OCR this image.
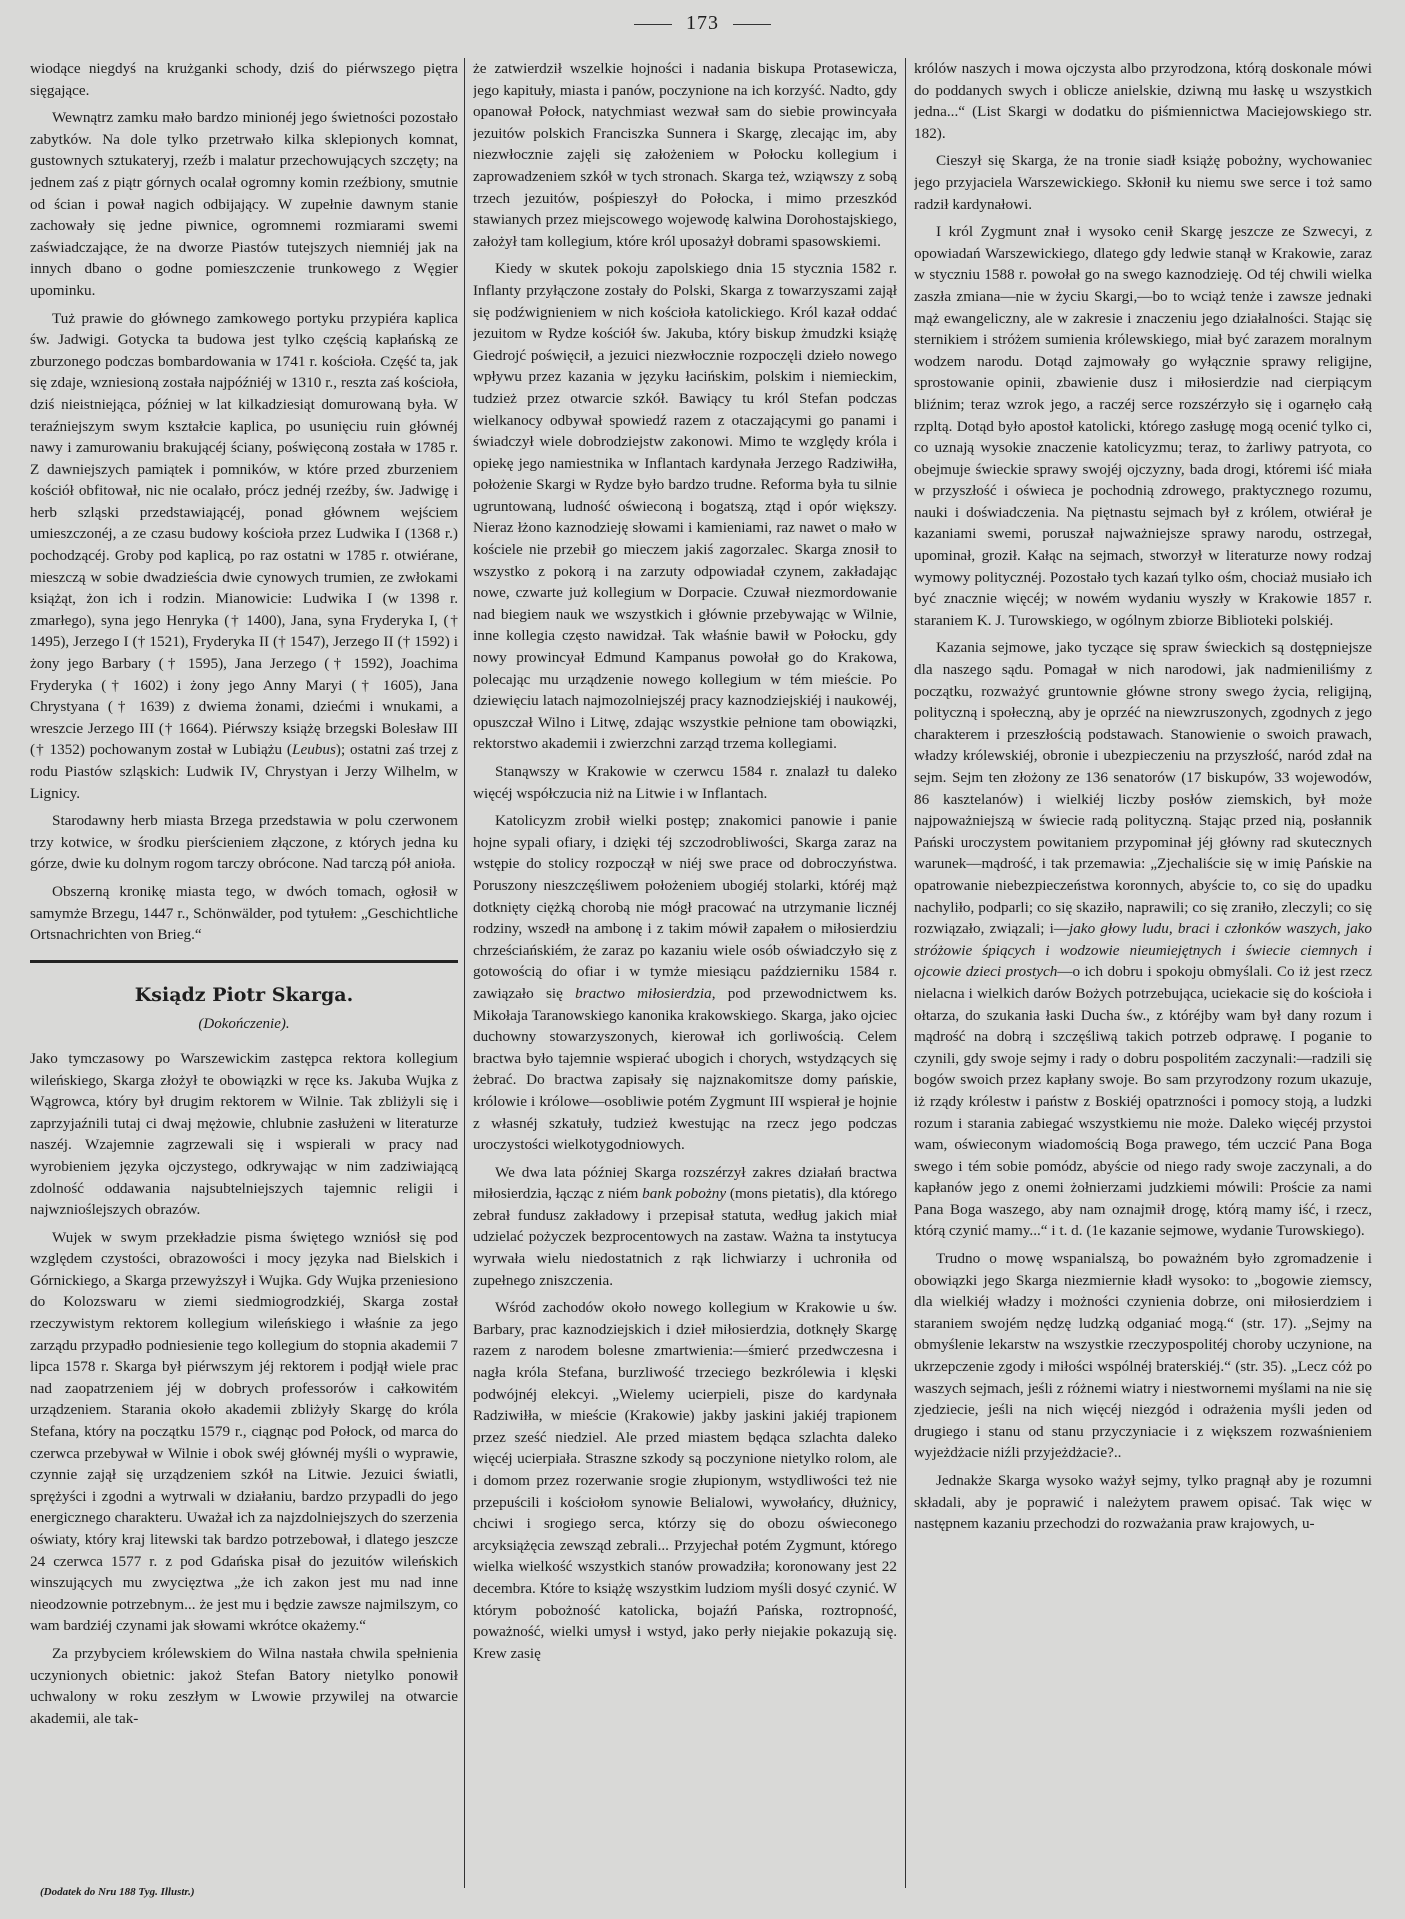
173

wiodące niegdyś na krużganki schody, dziś do piérwszego piętra sięgające.

Wewnątrz zamku mało bardzo minionéj jego świetności pozostało zabytków. Na dole tylko przetrwało kilka sklepionych komnat, gustownych sztukateryj, rzeźb i malatur przechowujących szczęty; na jednem zaś z piątr górnych ocalał ogromny komin rzeźbiony, smutnie od ścian i pował nagich odbijający. W zupełnie dawnym stanie zachowały się jedne piwnice, ogromnemi rozmiarami swemi zaświadczające, że na dworze Piastów tutejszych niemniéj jak na innych dbano o godne pomieszczenie trunkowego z Węgier upominku.

Tuż prawie do głównego zamkowego portyku przypiéra kaplica św. Jadwigi. Gotycka ta budowa jest tylko częścią kapłańską ze zburzonego podczas bombardowania w 1741 r. kościoła. Część ta, jak się zdaje, wzniesioną została najpóźniéj w 1310 r., reszta zaś kościoła, dziś nieistniejąca, później w lat kilkadziesiąt domurowaną była. W teraźniejszym swym kształcie kaplica, po usunięciu ruin głównéj nawy i zamurowaniu brakującéj ściany, poświęconą została w 1785 r. Z dawniejszych pamiątek i pomników, w które przed zburzeniem kościół obfitował, nic nie ocalało, prócz jednéj rzeźby, św. Jadwigę i herb szląski przedstawiającéj, ponad głównem wejściem umieszczonéj, a ze czasu budowy kościoła przez Ludwika I (1368 r.) pochodzącéj. Groby pod kaplicą, po raz ostatni w 1785 r. otwiérane, mieszczą w sobie dwadzieścia dwie cynowych trumien, ze zwłokami książąt, żon ich i rodzin. Mianowicie: Ludwika I (w 1398 r. zmarłego), syna jego Henryka († 1400), Jana, syna Fryderyka I, († 1495), Jerzego I († 1521), Fryderyka II († 1547), Jerzego II († 1592) i żony jego Barbary († 1595), Jana Jerzego († 1592), Joachima Fryderyka († 1602) i żony jego Anny Maryi († 1605), Jana Chrystyana († 1639) z dwiema żonami, dziećmi i wnukami, a wreszcie Jerzego III († 1664). Piérwszy książę brzegski Bolesław III († 1352) pochowanym został w Lubiążu (Leubus); ostatni zaś trzej z rodu Piastów szląskich: Ludwik IV, Chrystyan i Jerzy Wilhelm, w Lignicy.

Starodawny herb miasta Brzega przedstawia w polu czerwonem trzy kotwice, w środku pierścieniem złączone, z których jedna ku górze, dwie ku dolnym rogom tarczy obrócone. Nad tarczą pół anioła.

Obszerną kronikę miasta tego, w dwóch tomach, ogłosił w samymże Brzegu, 1447 r., Schönwälder, pod tytułem: „Geschichtliche Ortsnachrichten von Brieg.“

Ksiądz Piotr Skarga.
(Dokończenie).

Jako tymczasowy po Warszewickim zastępca rektora kollegium wileńskiego, Skarga złożył te obowiązki w ręce ks. Jakuba Wujka z Wągrowca, który był drugim rektorem w Wilnie. Tak zbliżyli się i zaprzyjaźnili tutaj ci dwaj mężowie, chlubnie zasłużeni w literaturze naszéj. Wzajemnie zagrzewali się i wspierali w pracy nad wyrobieniem języka ojczystego, odkrywając w nim zadziwiającą zdolność oddawania najsubtelniejszych tajemnic religii i najwznioślejszych obrazów.

Wujek w swym przekładzie pisma świętego wzniósł się pod względem czystości, obrazowości i mocy języka nad Bielskich i Górnickiego, a Skarga przewyższył i Wujka. Gdy Wujka przeniesiono do Kolozswaru w ziemi siedmiogrodzkiéj, Skarga został rzeczywistym rektorem kollegium wileńskiego i właśnie za jego zarządu przypadło podniesienie tego kollegium do stopnia akademii 7 lipca 1578 r. Skarga był piérwszym jéj rektorem i podjął wiele prac nad zaopatrzeniem jéj w dobrych professorów i całkowitém urządzeniem. Starania około akademii zbliżyły Skargę do króla Stefana, który na początku 1579 r., ciągnąc pod Połock, od marca do czerwca przebywał w Wilnie i obok swéj głównéj myśli o wyprawie, czynnie zajął się urządzeniem szkół na Litwie. Jezuici światli, sprężyści i zgodni a wytrwali w działaniu, bardzo przypadli do jego energicznego charakteru. Uważał ich za najzdolniejszych do szerzenia oświaty, który kraj litewski tak bardzo potrzebował, i dlatego jeszcze 24 czerwca 1577 r. z pod Gdańska pisał do jezuitów wileńskich winszujących mu zwycięztwa „że ich zakon jest mu nad inne nieodzownie potrzebnym... że jest mu i będzie zawsze najmilszym, co wam bardziéj czynami jak słowami wkrótce okażemy.“

Za przybyciem królewskiem do Wilna nastała chwila spełnienia uczynionych obietnic: jakoż Stefan Batory nietylko ponowił uchwalony w roku zeszłym w Lwowie przywilej na otwarcie akademii, ale tak-

że zatwierdził wszelkie hojności i nadania biskupa Protasewicza, jego kapituły, miasta i panów, poczynione na ich korzyść. Nadto, gdy opanował Połock, natychmiast wezwał sam do siebie prowincyała jezuitów polskich Franciszka Sunnera i Skargę, zlecając im, aby niezwłocznie zajęli się założeniem w Połocku kollegium i zaprowadzeniem szkół w tych stronach. Skarga też, wziąwszy z sobą trzech jezuitów, pośpieszył do Połocka, i mimo przeszkód stawianych przez miejscowego wojewodę kalwina Dorohostajskiego, założył tam kollegium, które król uposażył dobrami spasowskiemi.

Kiedy w skutek pokoju zapolskiego dnia 15 stycznia 1582 r. Inflanty przyłączone zostały do Polski, Skarga z towarzyszami zajął się podźwignieniem w nich kościoła katolickiego. Król kazał oddać jezuitom w Rydze kościół św. Jakuba, który biskup żmudzki książę Giedrojć poświęcił, a jezuici niezwłocznie rozpoczęli dzieło nowego wpływu przez kazania w języku łacińskim, polskim i niemieckim, tudzież przez otwarcie szkół. Bawiący tu król Stefan podczas wielkanocy odbywał spowiedź razem z otaczającymi go panami i świadczył wiele dobrodziejstw zakonowi. Mimo te względy króla i opiekę jego namiestnika w Inflantach kardynała Jerzego Radziwiłła, położenie Skargi w Rydze było bardzo trudne. Reforma była tu silnie ugruntowaną, ludność oświeconą i bogatszą, ztąd i opór większy. Nieraz łżono kaznodzieję słowami i kamieniami, raz nawet o mało w kościele nie przebił go mieczem jakiś zagorzalec. Skarga znosił to wszystko z pokorą i na zarzuty odpowiadał czynem, zakładając nowe, czwarte już kollegium w Dorpacie. Czuwał niezmordowanie nad biegiem nauk we wszystkich i głównie przebywając w Wilnie, inne kollegia często nawidzał. Tak właśnie bawił w Połocku, gdy nowy prowincyał Edmund Kampanus powołał go do Krakowa, polecając mu urządzenie nowego kollegium w tém mieście. Po dziewięciu latach najmozolniejszéj pracy kaznodziejskiéj i naukowéj, opuszczał Wilno i Litwę, zdając wszystkie pełnione tam obowiązki, rektorstwo akademii i zwierzchni zarząd trzema kollegiami.

Stanąwszy w Krakowie w czerwcu 1584 r. znalazł tu daleko więcéj współczucia niż na Litwie i w Inflantach.

Katolicyzm zrobił wielki postęp; znakomici panowie i panie hojne sypali ofiary, i dzięki téj szczodrobliwości, Skarga zaraz na wstępie do stolicy rozpoczął w niéj swe prace od dobroczyństwa. Poruszony nieszczęśliwem położeniem ubogiéj stolarki, któréj mąż dotknięty ciężką chorobą nie mógł pracować na utrzymanie licznéj rodziny, wszedł na ambonę i z takim mówił zapałem o miłosierdziu chrześciańskiém, że zaraz po kazaniu wiele osób oświadczyło się z gotowością do ofiar i w tymże miesiącu październiku 1584 r. zawiązało się bractwo miłosierdzia, pod przewodnictwem ks. Mikołaja Taranowskiego kanonika krakowskiego. Skarga, jako ojciec duchowny stowarzyszonych, kierował ich gorliwością. Celem bractwa było tajemnie wspierać ubogich i chorych, wstydzących się żebrać. Do bractwa zapisały się najznakomitsze domy pańskie, królowie i królowe—osobliwie potém Zygmunt III wspierał je hojnie z własnéj szkatuły, tudzież kwestując na rzecz jego podczas uroczystości wielkotygodniowych.

We dwa lata później Skarga rozszérzył zakres działań bractwa miłosierdzia, łącząc z niém bank pobożny (mons pietatis), dla którego zebrał fundusz zakładowy i przepisał statuta, według jakich miał udzielać pożyczek bezprocentowych na zastaw. Ważna ta instytucya wyrwała wielu niedostatnich z rąk lichwiarzy i uchroniła od zupełnego zniszczenia.

Wśród zachodów około nowego kollegium w Krakowie u św. Barbary, prac kaznodziejskich i dzieł miłosierdzia, dotknęły Skargę razem z narodem bolesne zmartwienia:—śmierć przedwczesna i nagła króla Stefana, burzliwość trzeciego bezkrólewia i klęski podwójnéj elekcyi. „Wielemy ucierpieli, pisze do kardynała Radziwiłła, w mieście (Krakowie) jakby jaskini jakiéj trapionem przez sześć niedziel. Ale przed miastem będąca szlachta daleko więcéj ucierpiała. Straszne szkody są poczynione nietylko rolom, ale i domom przez rozerwanie srogie złupionym, wstydliwości też nie przepuścili i kościołom synowie Belialowi, wywołańcy, dłużnicy, chciwi i srogiego serca, którzy się do obozu oświeconego arcyksiążęcia zewsząd zebrali... Przyjechał potém Zygmunt, którego wielka wielkość wszystkich stanów prowadziła; koronowany jest 22 decembra. Które to książę wszystkim ludziom myśli dosyć czynić. W którym pobożność katolicka, bojaźń Pańska, roztropność, poważność, wielki umysł i wstyd, jako perły niejakie pokazują się. Krew zasię

królów naszych i mowa ojczysta albo przyrodzona, którą doskonale mówi do poddanych swych i oblicze anielskie, dziwną mu łaskę u wszystkich jedna...“ (List Skargi w dodatku do piśmiennictwa Maciejowskiego str. 182).

Cieszył się Skarga, że na tronie siadł książę pobożny, wychowaniec jego przyjaciela Warszewickiego. Skłonił ku niemu swe serce i toż samo radził kardynałowi.

I król Zygmunt znał i wysoko cenił Skargę jeszcze ze Szwecyi, z opowiadań Warszewickiego, dlatego gdy ledwie stanął w Krakowie, zaraz w styczniu 1588 r. powołał go na swego kaznodzieję. Od téj chwili wielka zaszła zmiana—nie w życiu Skargi,—bo to wciąż tenże i zawsze jednaki mąż ewangeliczny, ale w zakresie i znaczeniu jego działalności. Stając się sternikiem i stróżem sumienia królewskiego, miał być zarazem moralnym wodzem narodu. Dotąd zajmowały go wyłącznie sprawy religijne, sprostowanie opinii, zbawienie dusz i miłosierdzie nad cierpiącym bliźnim; teraz wzrok jego, a raczéj serce rozszérzyło się i ogarnęło całą rzpltą. Dotąd było apostoł katolicki, którego zasługę mogą ocenić tylko ci, co uznają wysokie znaczenie katolicyzmu; teraz, to żarliwy patryota, co obejmuje świeckie sprawy swojéj ojczyzny, bada drogi, któremi iść miała w przyszłość i oświeca je pochodnią zdrowego, praktycznego rozumu, nauki i doświadczenia. Na piętnastu sejmach był z królem, otwiérał je kazaniami swemi, poruszał najważniejsze sprawy narodu, ostrzegał, upominał, groził. Kałąc na sejmach, stworzył w literaturze nowy rodzaj wymowy politycznéj. Pozostało tych kazań tylko ośm, chociaż musiało ich być znacznie więcéj; w nowém wydaniu wyszły w Krakowie 1857 r. staraniem K. J. Turowskiego, w ogólnym zbiorze Biblioteki polskiéj.

Kazania sejmowe, jako tyczące się spraw świeckich są dostępniejsze dla naszego sądu. Pomagał w nich narodowi, jak nadmieniliśmy z początku, rozważyć gruntownie główne strony swego życia, religijną, polityczną i społeczną, aby je oprzéć na niewzruszonych, zgodnych z jego charakterem i przeszłością podstawach. Stanowienie o swoich prawach, władzy królewskiéj, obronie i ubezpieczeniu na przyszłość, naród zdał na sejm. Sejm ten złożony ze 136 senatorów (17 biskupów, 33 wojewodów, 86 kasztelanów) i wielkiéj liczby posłów ziemskich, był może najpoważniejszą w świecie radą polityczną. Stając przed nią, posłannik Pański uroczystem powitaniem przypominał jéj główny rad skutecznych warunek—mądrość, i tak przemawia: „Zjechaliście się w imię Pańskie na opatrowanie niebezpieczeństwa koronnych, abyście to, co się do upadku nachyliło, podparli; co się skaziło, naprawili; co się zraniło, zleczyli; co się rozwiązało, związali; i—jako głowy ludu, braci i członków waszych, jako stróżowie śpiących i wodzowie nieumiejętnych i świecie ciemnych i ojcowie dzieci prostych—o ich dobru i spokoju obmyślali. Co iż jest rzecz nielacna i wielkich darów Bożych potrzebująca, uciekacie się do kościoła i ołtarza, do szukania łaski Ducha św., z któréjby wam był dany rozum i mądrość na dobrą i szczęśliwą takich potrzeb odprawę. I poganie to czynili, gdy swoje sejmy i rady o dobru pospolitém zaczynali:—radzili się bogów swoich przez kapłany swoje. Bo sam przyrodzony rozum ukazuje, iż rządy królestw i państw z Boskiéj opatrzności i pomocy stoją, a ludzki rozum i starania zabiegać wszystkiemu nie może. Daleko więcéj przystoi wam, oświeconym wiadomością Boga prawego, tém uczcić Pana Boga swego i tém sobie pomódz, abyście od niego rady swoje zaczynali, a do kapłanów jego z onemi żołnierzami judzkiemi mówili: Proście za nami Pana Boga waszego, aby nam oznajmił drogę, którą mamy iść, i rzecz, którą czynić mamy...“ i t. d. (1e kazanie sejmowe, wydanie Turowskiego).

Trudno o mowę wspanialszą, bo poważném było zgromadzenie i obowiązki jego Skarga niezmiernie kładł wysoko: to „bogowie ziemscy, dla wielkiéj władzy i możności czynienia dobrze, oni miłosierdziem i staraniem swojém nędzę ludzką odganiać mogą.“ (str. 17). „Sejmy na obmyślenie lekarstw na wszystkie rzeczypospolitéj choroby uczynione, na ukrzepczenie zgody i miłości wspólnéj braterskiéj.“ (str. 35). „Lecz cóż po waszych sejmach, jeśli z różnemi wiatry i niestwornemi myślami na nie się zjedziecie, jeśli na nich więcéj niezgód i odrażenia myśli jeden od drugiego i stanu od stanu przyczyniacie i z większem rozwaśnieniem wyjeżdżacie niźli przyjeżdżacie?..

Jednakże Skarga wysoko ważył sejmy, tylko pragnął aby je rozumni składali, aby je poprawić i należytem prawem opisać. Tak więc w następnem kazaniu przechodzi do rozważania praw krajowych, u-

(Dodatek do Nru 188 Tyg. Illustr.)
